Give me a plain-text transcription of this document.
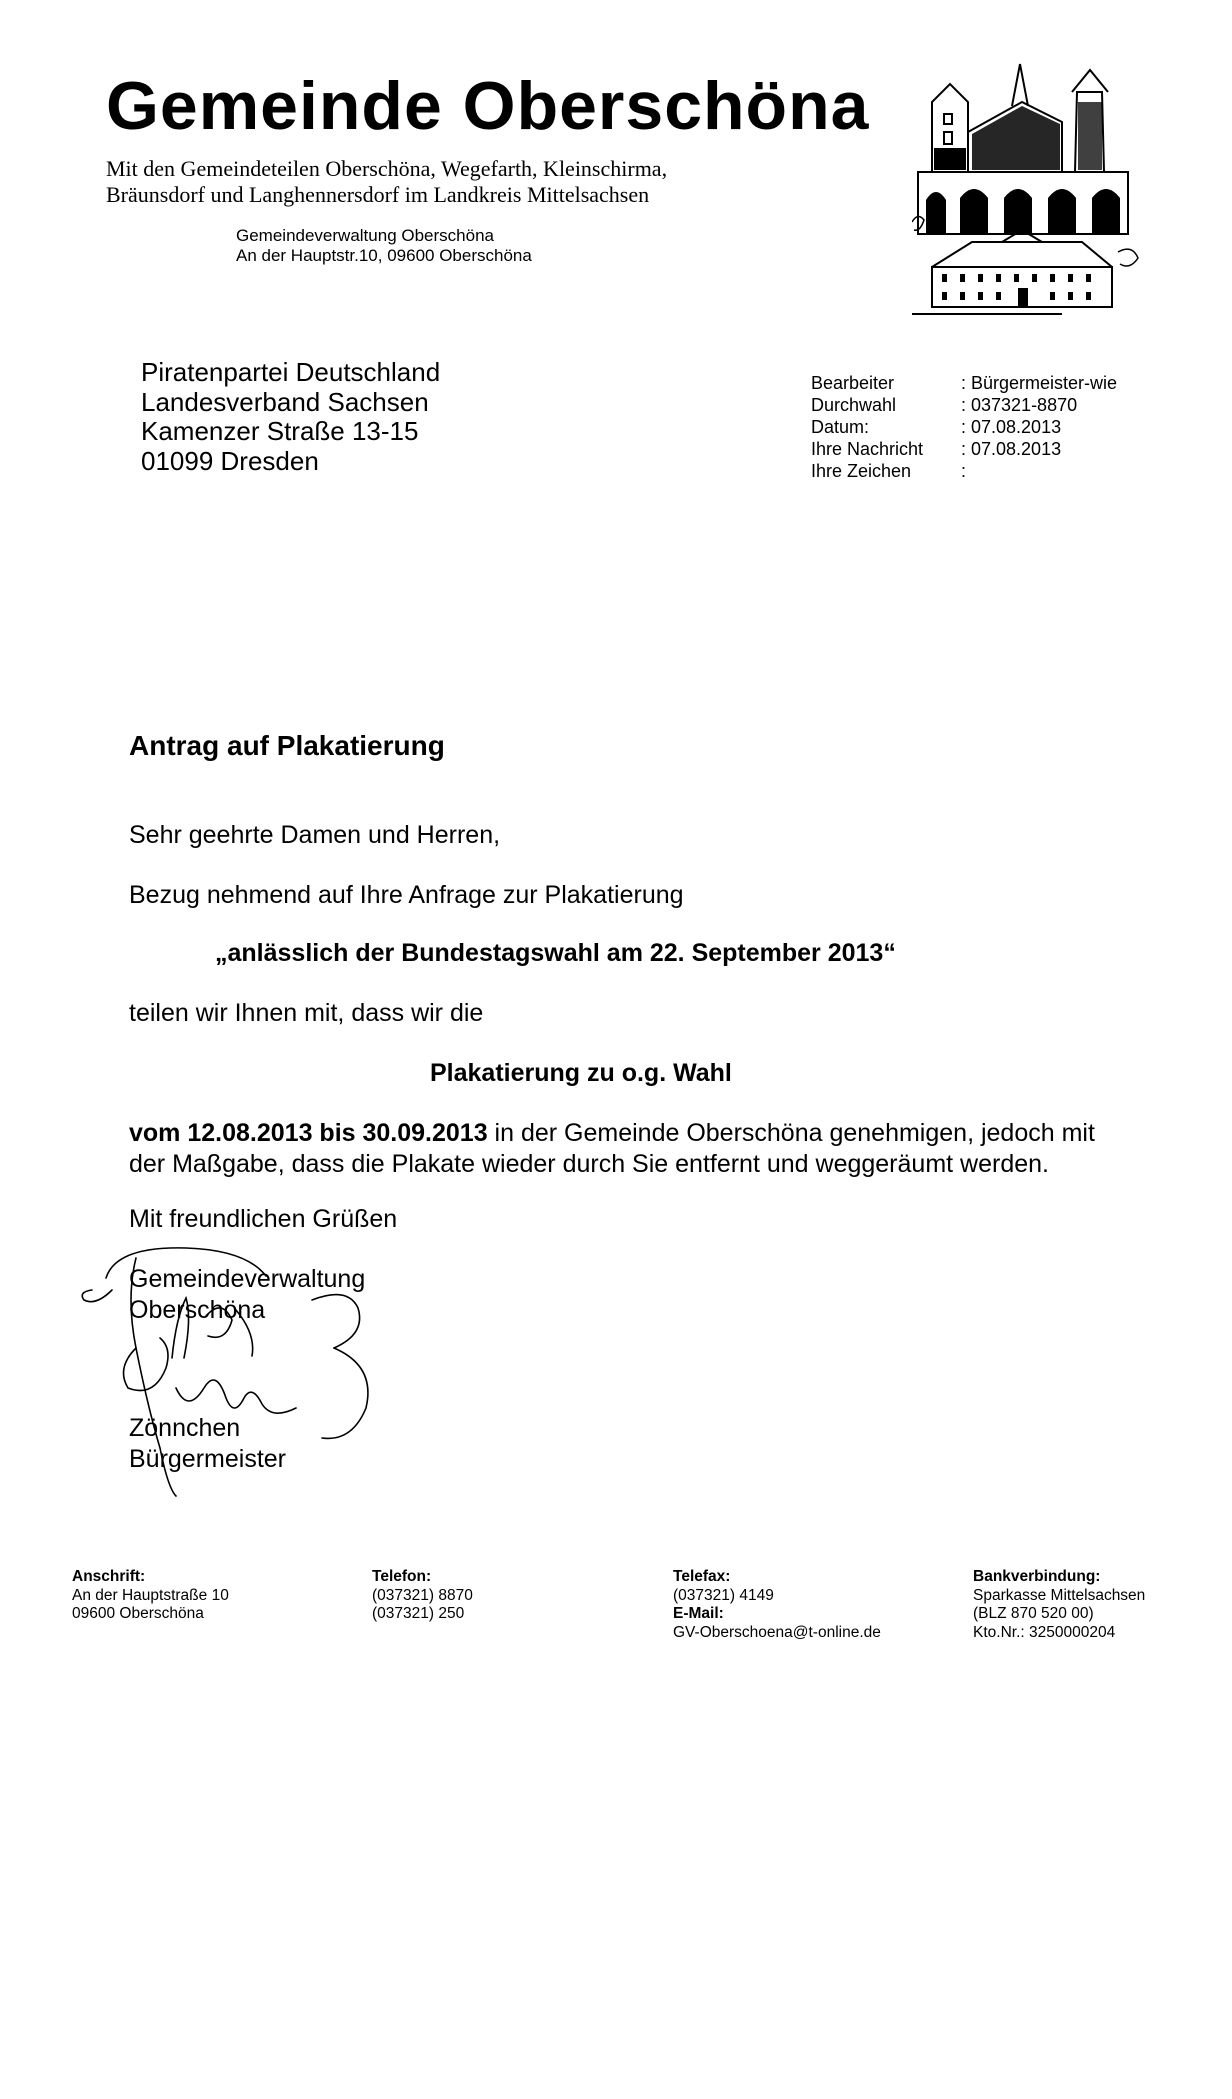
Gemeinde Oberschöna
Mit den Gemeindeteilen Oberschöna, Wegefarth, Kleinschirma,
Bräunsdorf und Langhennersdorf im Landkreis Mittelsachsen
Gemeindeverwaltung Oberschöna
An der Hauptstr.10, 09600 Oberschöna
Piratenpartei Deutschland
Landesverband Sachsen
Kamenzer Straße 13-15
01099 Dresden
Bearbeiter	: Bürgermeister-wie
Durchwahl	: 037321-8870
Datum:	: 07.08.2013
Ihre Nachricht	: 07.08.2013
Ihre Zeichen	:
Antrag auf Plakatierung
Sehr geehrte Damen und Herren,
Bezug nehmend auf Ihre Anfrage zur Plakatierung
„anlässlich der Bundestagswahl am 22. September 2013“
teilen wir Ihnen mit, dass wir die
Plakatierung zu o.g. Wahl
vom 12.08.2013 bis 30.09.2013 in der Gemeinde Oberschöna genehmigen, jedoch mit
der Maßgabe, dass die Plakate wieder durch Sie entfernt und weggeräumt werden.
Mit freundlichen Grüßen
Gemeindeverwaltung
Oberschöna
Zönnchen
Bürgermeister
Anschrift:
An der Hauptstraße 10
09600 Oberschöna
Telefon:
(037321) 8870
(037321) 250
Telefax:
(037321) 4149
E-Mail:
GV-Oberschoena@t-online.de
Bankverbindung:
Sparkasse Mittelsachsen
(BLZ 870 520 00)
Kto.Nr.: 3250000204
